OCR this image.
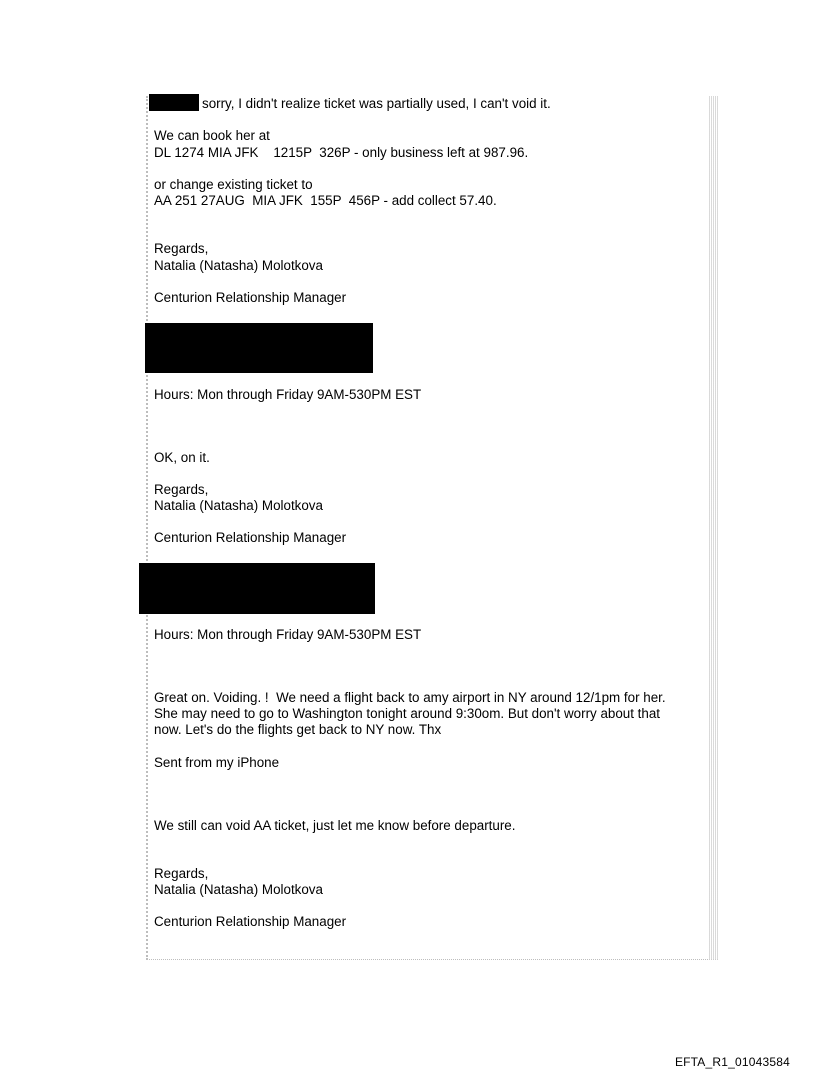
sorry, I didn't realize ticket was partially used, I can't void it.
We can book her at
DL 1274 MIA JFK    1215P  326P - only business left at 987.96.
or change existing ticket to
AA 251 27AUG  MIA JFK  155P  456P - add collect 57.40.
Regards,
Natalia (Natasha) Molotkova
Centurion Relationship Manager
Hours: Mon through Friday 9AM-530PM EST
OK, on it.
Regards,
Natalia (Natasha) Molotkova
Centurion Relationship Manager
Hours: Mon through Friday 9AM-530PM EST
Great on. Voiding. !  We need a flight back to amy airport in NY around 12/1pm for her.
She may need to go to Washington tonight around 9:30om. But don't worry about that
now. Let's do the flights get back to NY now. Thx
Sent from my iPhone
We still can void AA ticket, just let me know before departure.
Regards,
Natalia (Natasha) Molotkova
Centurion Relationship Manager
EFTA_R1_01043584
